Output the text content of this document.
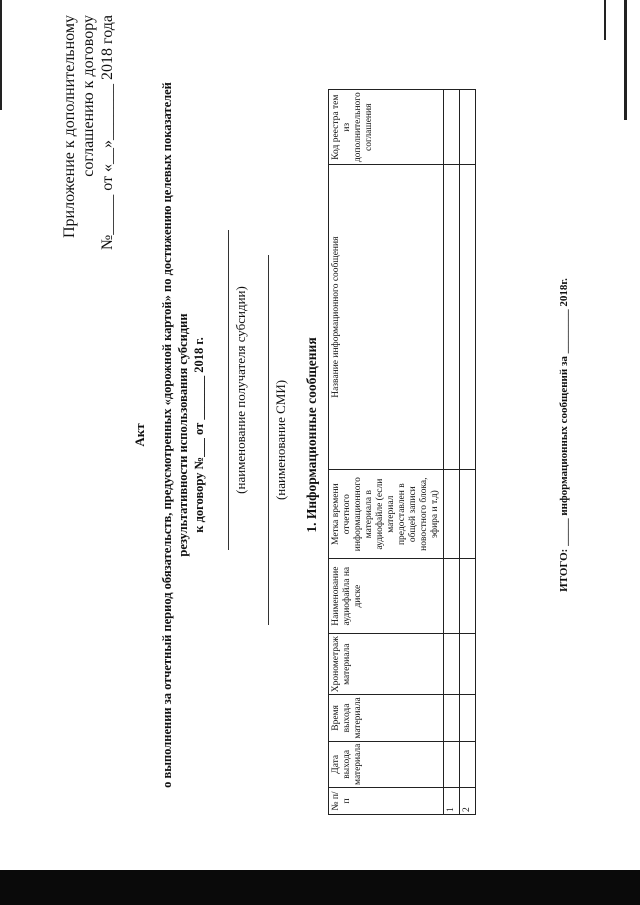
Приложение к дополнительному соглашению к договору №_____ от «__»_______ 2018 года
Акт о выполнении за отчетный период обязательств, предусмотренных «дорожной картой» по достижению целевых показателей результативности использования субсидии к договору №___ от _______ 2018 г. (наименование получателя субсидии) (наименование СМИ) 1. Информационные сообщения
№ п/п	Дата выхода материала	Время выхода материала	Хронометраж материала	Наименование аудиофайла на диске	Метка времени отчетного информационного материала в аудиофайле (если материал предоставлен в общей записи новостного блока, эфира и т.д)	Название информационного сообщения	Код реестра тем из дополнительного соглашения
1							
2							
ИТОГО: _____ информационных сообщений за ________ 2018г.
